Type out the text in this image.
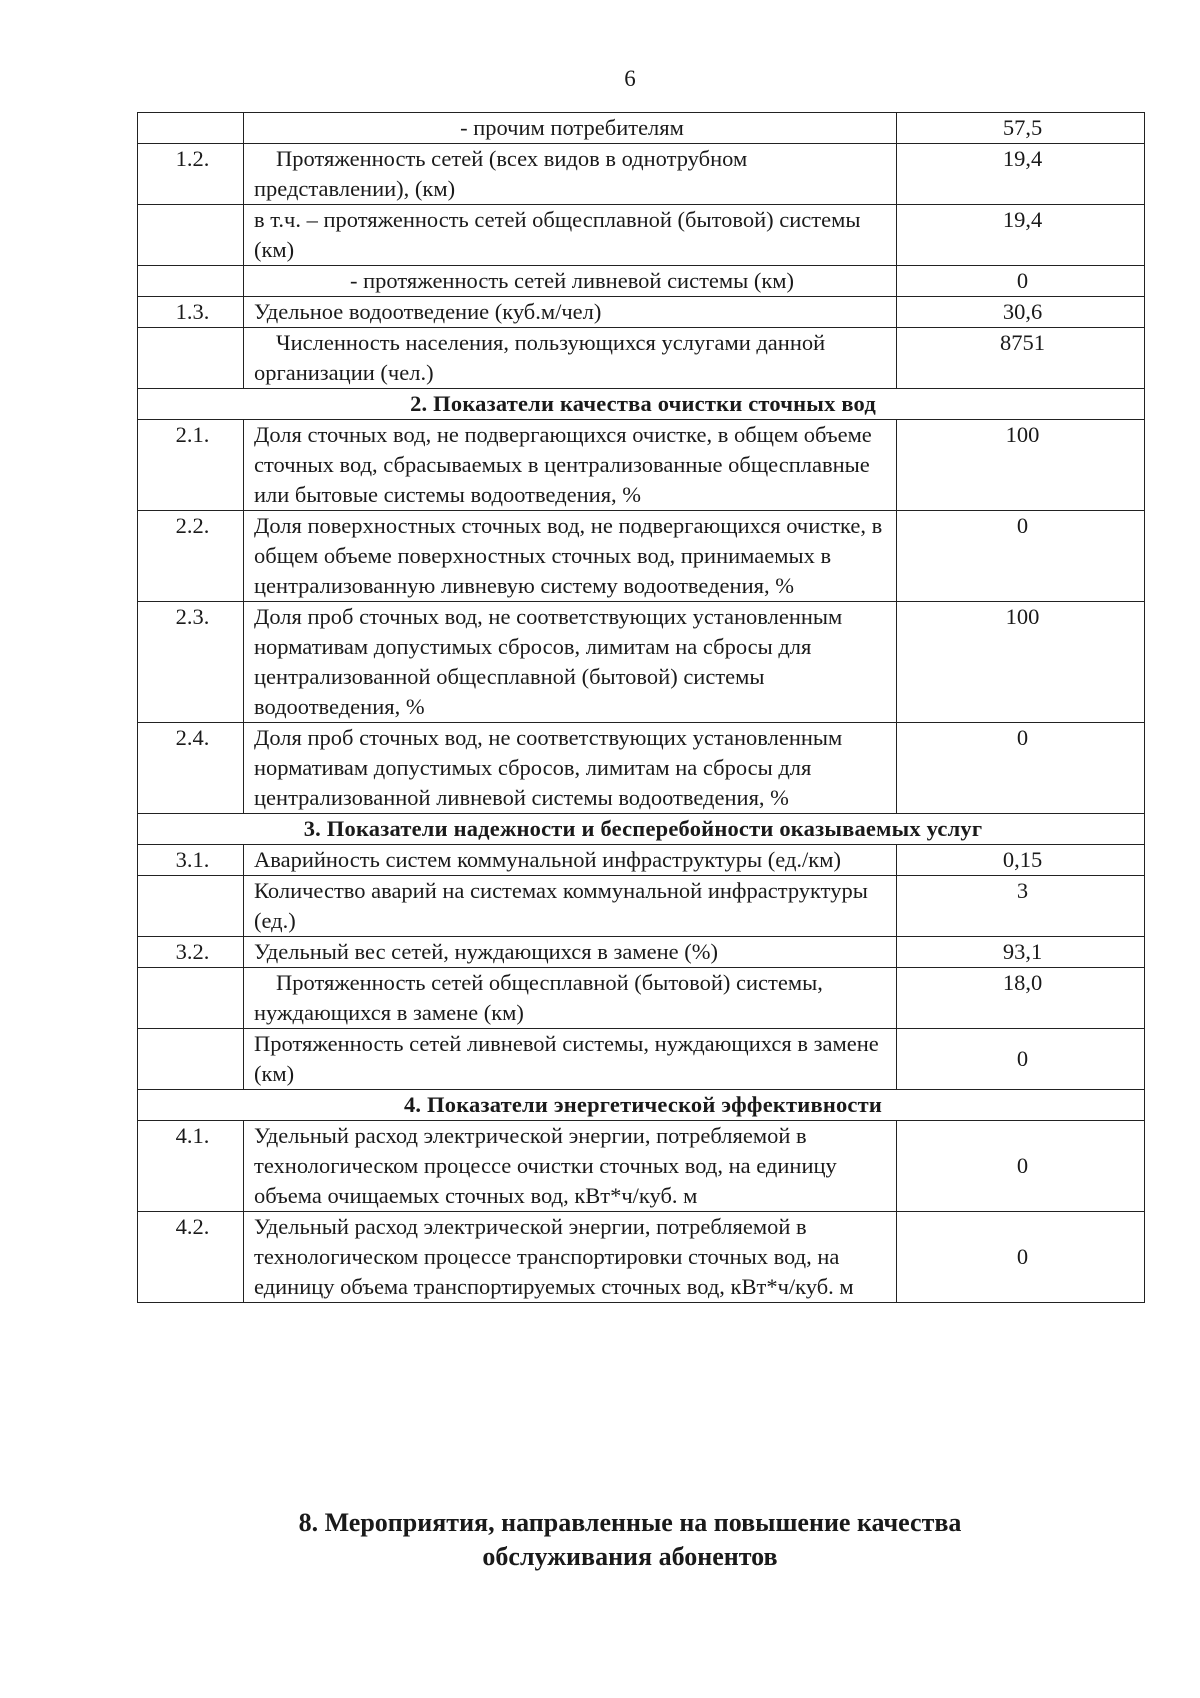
6
	- прочим потребителям	57,5
1.2.	Протяженность сетей (всех видов в однотрубном представлении), (км)	19,4
	в т.ч. – протяженность сетей общесплавной (бытовой) системы (км)	19,4
	- протяженность сетей ливневой системы (км)	0
1.3.	Удельное водоотведение (куб.м/чел)	30,6
	Численность населения, пользующихся услугами данной организации (чел.)	8751
2. Показатели качества очистки сточных вод		
2.1.	Доля сточных вод, не подвергающихся очистке, в общем объеме сточных вод, сбрасываемых в централизованные общесплавные или бытовые системы водоотведения, %	100
2.2.	Доля поверхностных сточных вод, не подвергающихся очистке, в общем объеме поверхностных сточных вод, принимаемых в централизованную ливневую систему водоотведения, %	0
2.3.	Доля проб сточных вод, не соответствующих установленным нормативам допустимых сбросов, лимитам на сбросы для централизованной общесплавной (бытовой) системы водоотведения, %	100
2.4.	Доля проб сточных вод, не соответствующих установленным нормативам допустимых сбросов, лимитам на сбросы для централизованной ливневой системы водоотведения, %	0
3. Показатели надежности и бесперебойности оказываемых услуг		
3.1.	Аварийность систем коммунальной инфраструктуры (ед./км)	0,15
	Количество аварий на системах коммунальной инфраструктуры (ед.)	3
3.2.	Удельный вес сетей, нуждающихся в замене (%)	93,1
	Протяженность сетей общесплавной (бытовой) системы, нуждающихся в замене (км)	18,0
	Протяженность сетей ливневой системы, нуждающихся в замене (км)	0
4. Показатели энергетической эффективности		
4.1.	Удельный расход электрической энергии, потребляемой в технологическом процессе очистки сточных вод, на единицу объема очищаемых сточных вод, кВт*ч/куб. м	0
4.2.	Удельный расход электрической энергии, потребляемой в технологическом процессе транспортировки сточных вод, на единицу объема транспортируемых сточных вод, кВт*ч/куб. м	0
8. Мероприятия, направленные на повышение качества
обслуживания абонентов
